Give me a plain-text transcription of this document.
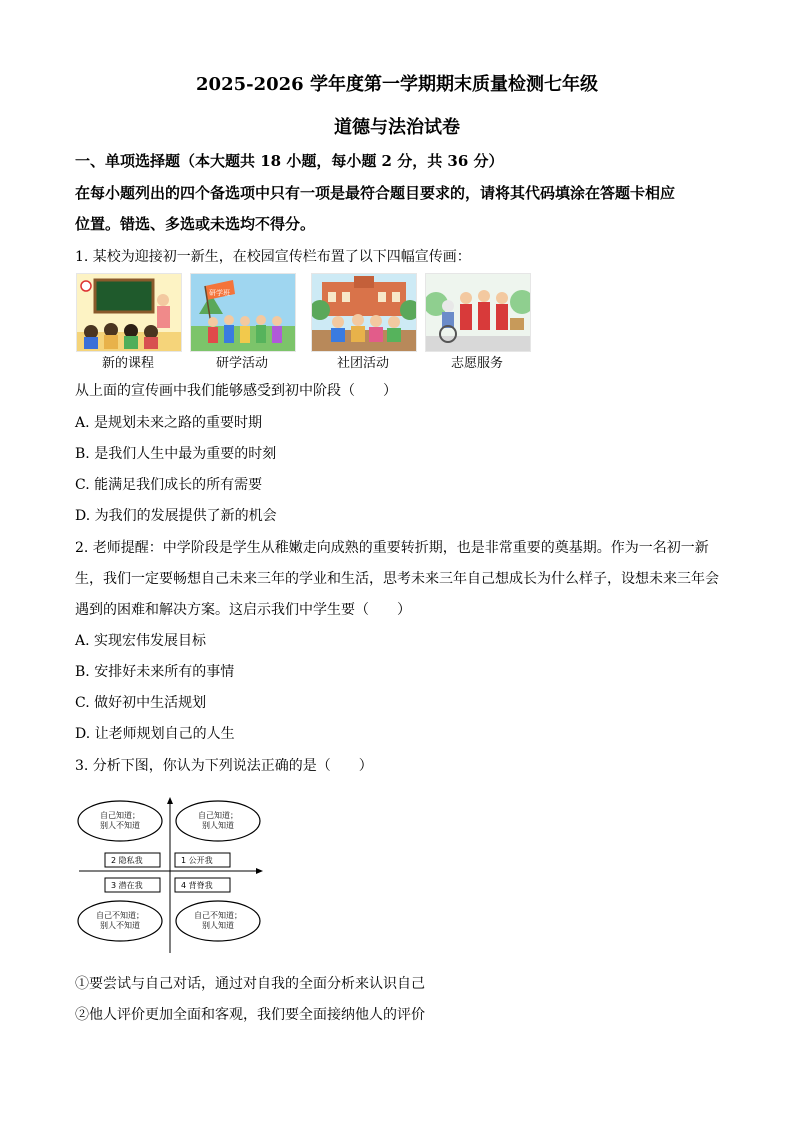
2025-2026 学年度第一学期期末质量检测七年级
道德与法治试卷
一、单项选择题（本大题共 18 小题，每小题 2 分，共 36 分）
在每小题列出的四个备选项中只有一项是最符合题目要求的，请将其代码填涂在答题卡相应
位置。错选、多选或未选均不得分。
1. 某校为迎接初一新生，在校园宣传栏布置了以下四幅宣传画：
研学班
新的课程	研学活动	社团活动	志愿服务
从上面的宣传画中我们能够感受到初中阶段（　　）
A. 是规划未来之路的重要时期
B. 是我们人生中最为重要的时刻
C. 能满足我们成长的所有需要
D. 为我们的发展提供了新的机会
2. 老师提醒：中学阶段是学生从稚嫩走向成熟的重要转折期，也是非常重要的奠基期。作为一名初一新
生，我们一定要畅想自己未来三年的学业和生活，思考未来三年自己想成长为什么样子，设想未来三年会
遇到的困难和解决方案。这启示我们中学生要（　　）
A. 实现宏伟发展目标
B. 安排好未来所有的事情
C. 做好初中生活规划
D. 让老师规划自己的人生
3. 分析下图，你认为下列说法正确的是（　　）
自己知道；
别人不知道
自己知道；
别人知道
2 隐私我	1 公开我
3 潜在我	4 背脊我
自己不知道；
别人不知道
自己不知道；
别人知道
①要尝试与自己对话，通过对自我的全面分析来认识自己
②他人评价更加全面和客观，我们要全面接纳他人的评价
